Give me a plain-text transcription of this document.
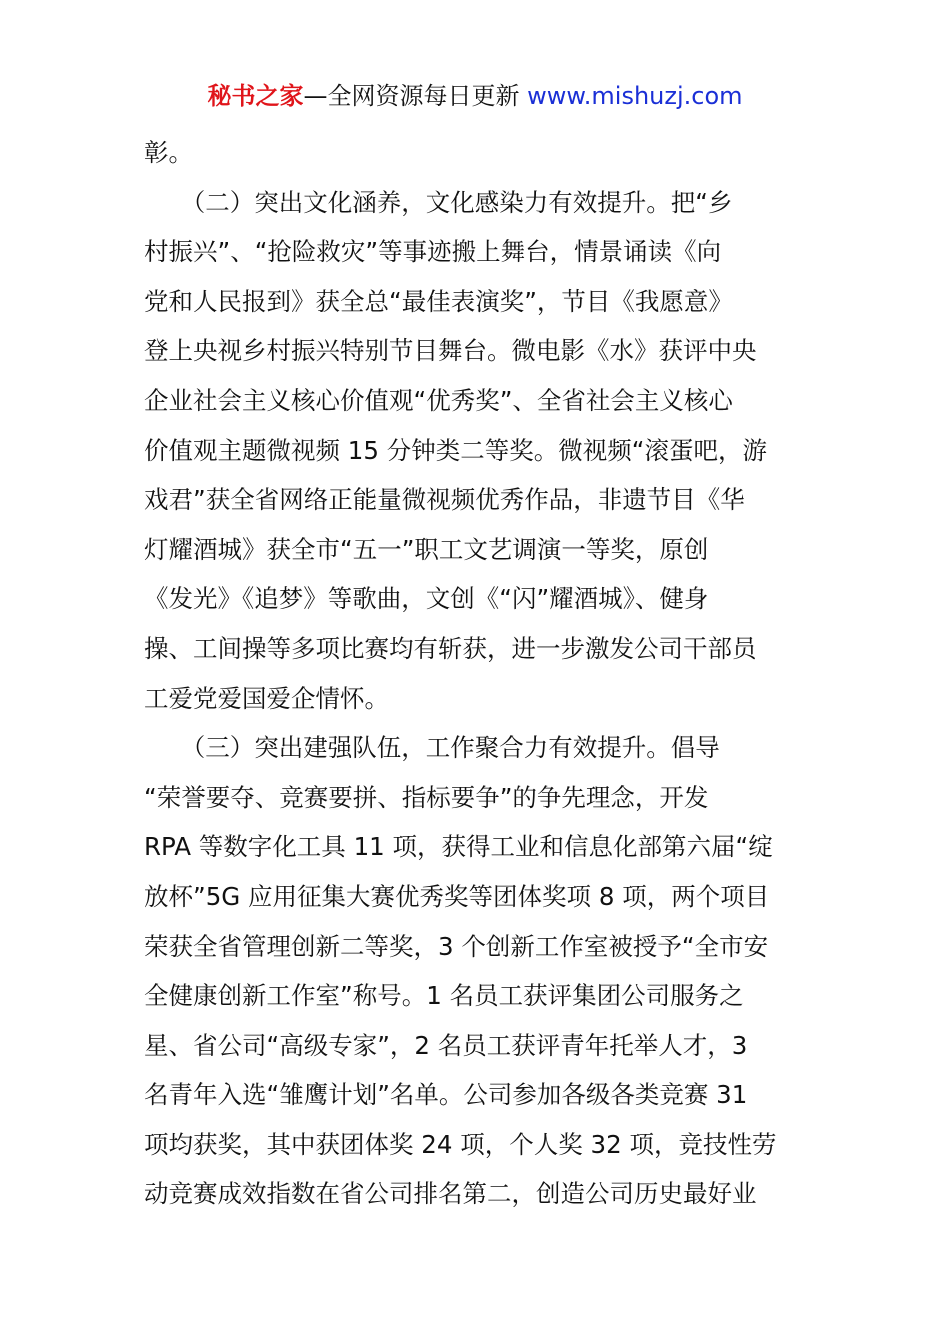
秘书之家—全网资源每日更新 www.mishuzj.com
彰。
　　（二）突出文化涵养，文化感染力有效提升。把“乡
村振兴”、“抢险救灾”等事迹搬上舞台，情景诵读《向
党和人民报到》获全总“最佳表演奖”，节目《我愿意》
登上央视乡村振兴特别节目舞台。微电影《水》获评中央
企业社会主义核心价值观“优秀奖”、全省社会主义核心
价值观主题微视频 15 分钟类二等奖。微视频“滚蛋吧，游
戏君”获全省网络正能量微视频优秀作品，非遗节目《华
灯耀酒城》获全市“五一”职工文艺调演一等奖，原创
《发光》《追梦》等歌曲，文创《“闪”耀酒城》、健身
操、工间操等多项比赛均有斩获，进一步激发公司干部员
工爱党爱国爱企情怀。
　　（三）突出建强队伍，工作聚合力有效提升。倡导
“荣誉要夺、竞赛要拼、指标要争”的争先理念，开发
RPA 等数字化工具 11 项，获得工业和信息化部第六届“绽
放杯”5G 应用征集大赛优秀奖等团体奖项 8 项，两个项目
荣获全省管理创新二等奖，3 个创新工作室被授予“全市安
全健康创新工作室”称号。1 名员工获评集团公司服务之
星、省公司“高级专家”，2 名员工获评青年托举人才，3
名青年入选“雏鹰计划”名单。公司参加各级各类竞赛 31
项均获奖，其中获团体奖 24 项，个人奖 32 项，竞技性劳
动竞赛成效指数在省公司排名第二，创造公司历史最好业
